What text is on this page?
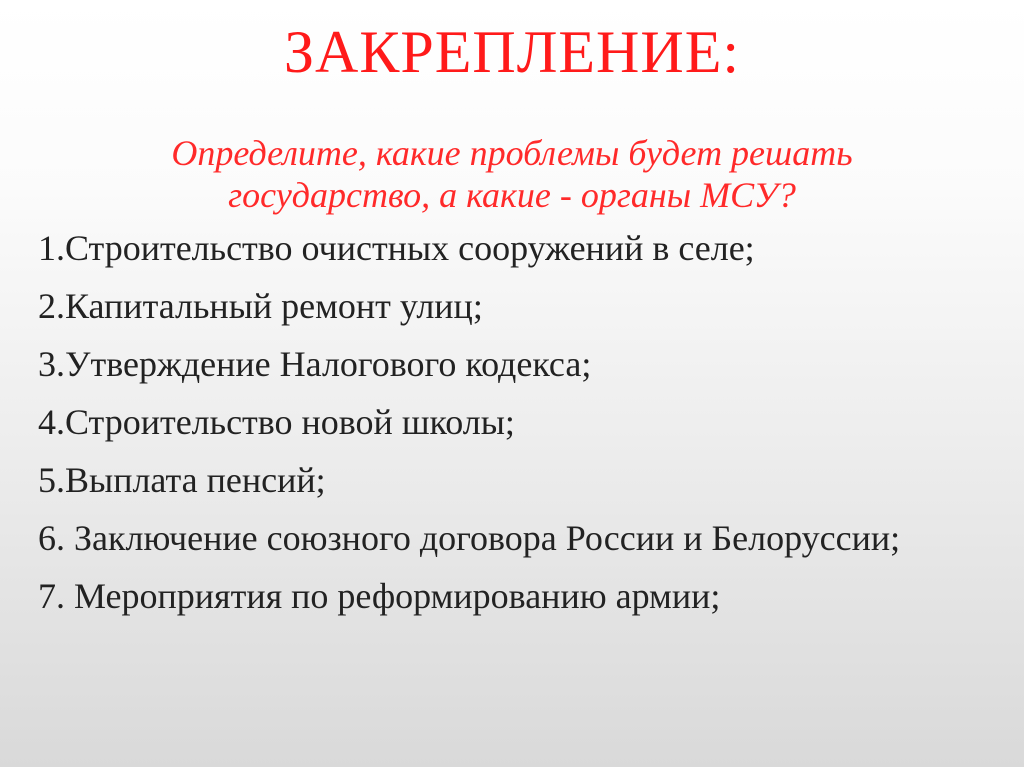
ЗАКРЕПЛЕНИЕ:
Определите, какие проблемы будет решать
государство, а какие - органы МСУ?
1.Строительство очистных сооружений в селе;
2.Капитальный ремонт улиц;
3.Утверждение Налогового кодекса;
4.Строительство новой школы;
5.Выплата пенсий;
6. Заключение союзного договора России и Белоруссии;
7. Мероприятия по реформированию армии;
